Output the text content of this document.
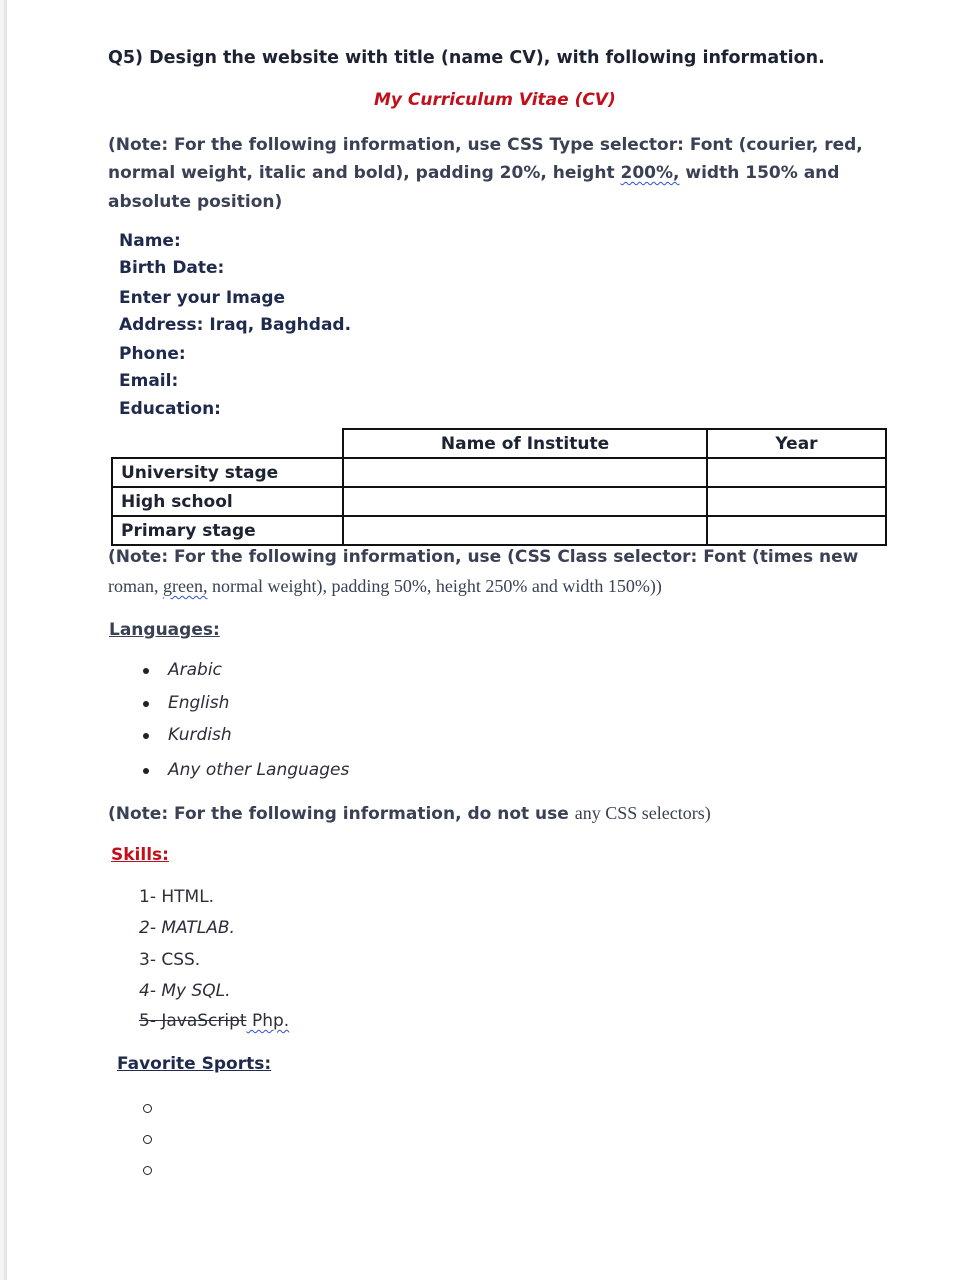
Q5) Design the website with title (name CV), with following information.
My Curriculum Vitae (CV)
(Note: For the following information, use CSS Type selector: Font (courier, red,
normal weight, italic and bold), padding 20%, height 200%, width 150% and
absolute position)
Name:
Birth Date:
Enter your Image
Address: Iraq, Baghdad.
Phone:
Email:
Education:
	Name of Institute	Year
University stage		
High school		
Primary stage		
(Note: For the following information, use (CSS Class selector: Font (times new
roman, green, normal weight), padding 50%, height 250% and width 150%))
Languages:
Arabic
English
Kurdish
Any other Languages
(Note: For the following information, do not use any CSS selectors)
Skills:
1- HTML.
2- MATLAB.
3- CSS.
4- My SQL.
5- JavaScript Php.
Favorite Sports:
